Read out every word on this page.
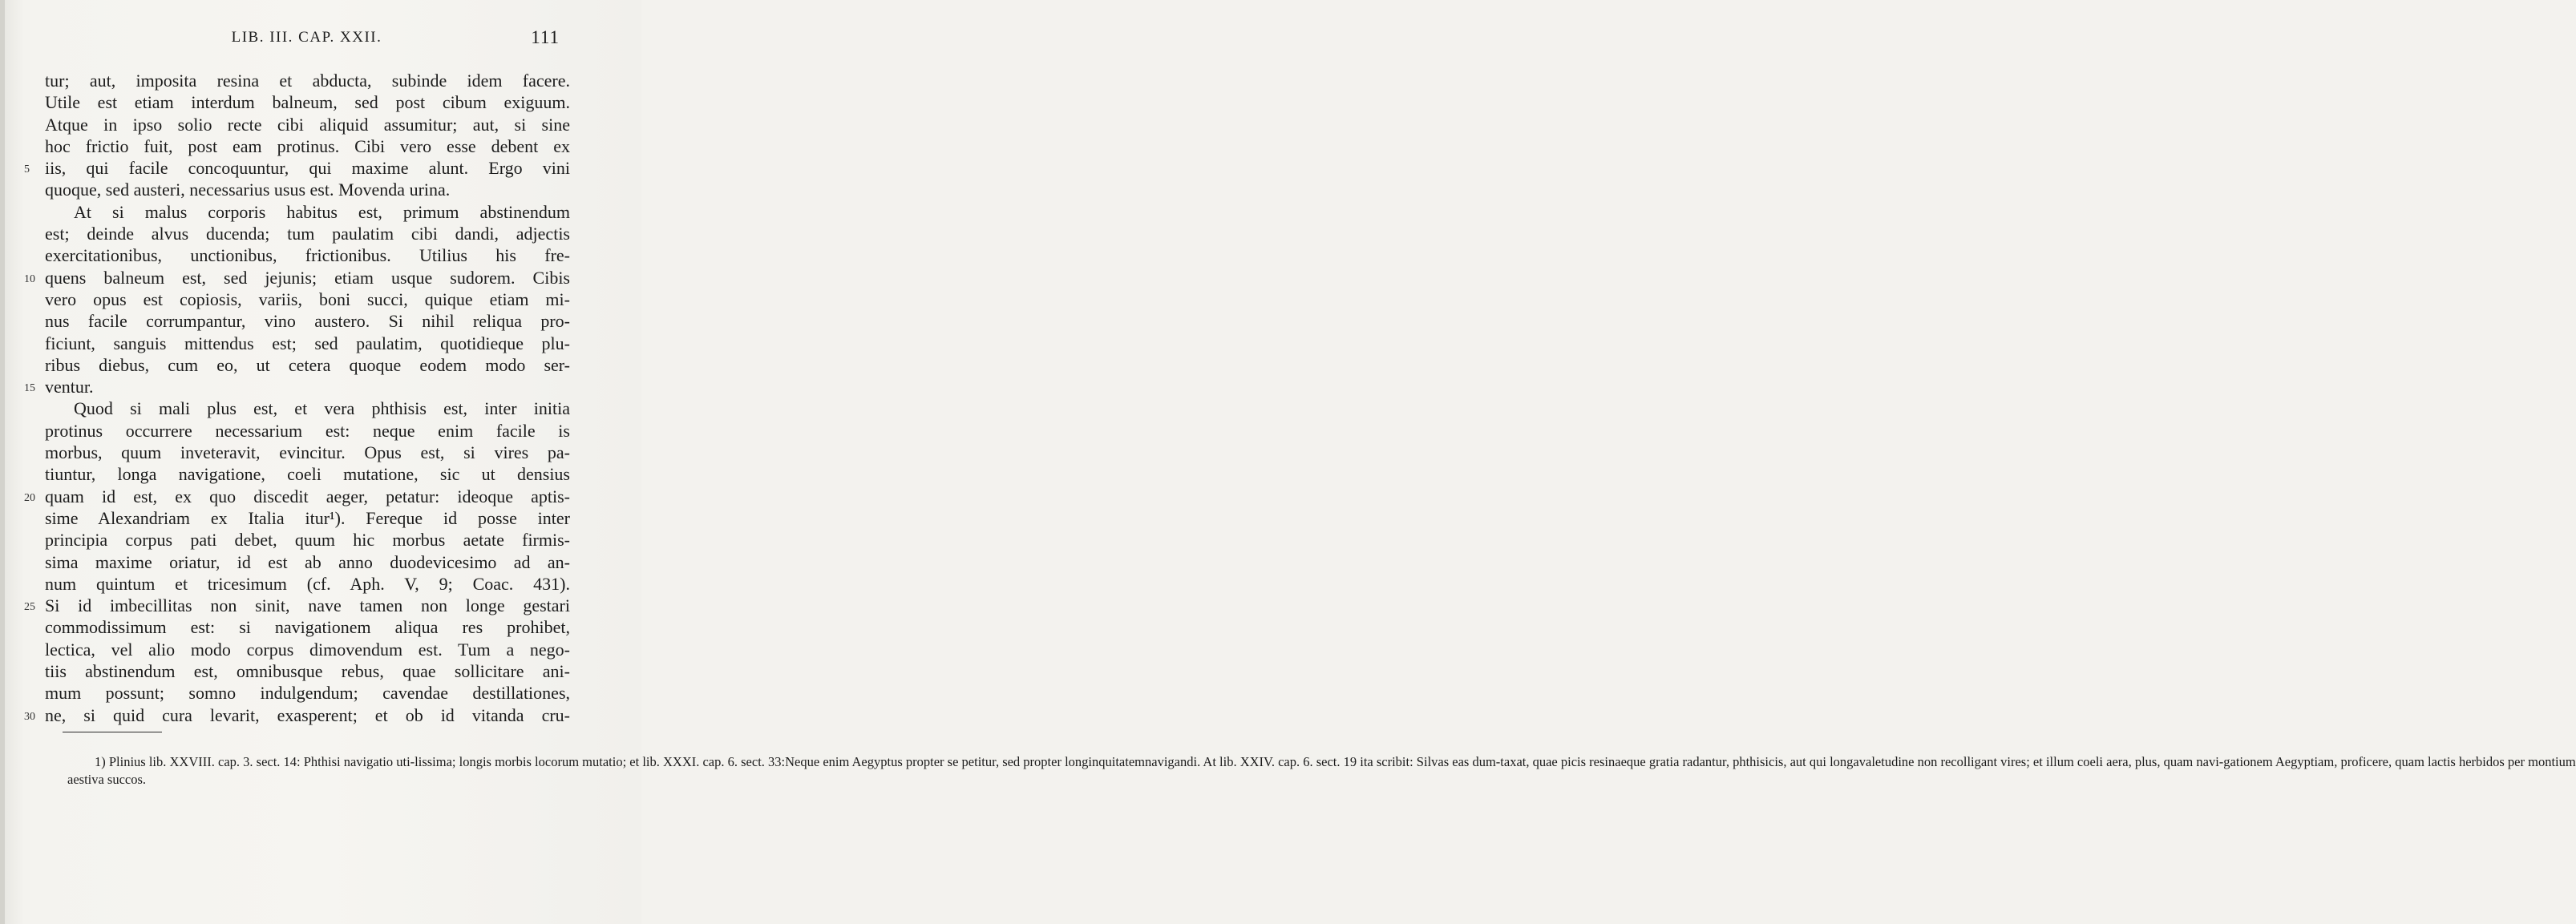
LIB. III. CAP. XXII.	111
tur; aut, imposita resina et abducta, subinde idem facere.
Utile est etiam interdum balneum, sed post cibum exiguum.
Atque in ipso solio recte cibi aliquid assumitur; aut, si sine
hoc frictio fuit, post eam protinus. Cibi vero esse debent ex
5 iis, qui facile concoquuntur, qui maxime alunt. Ergo vini
quoque, sed austeri, necessarius usus est. Movenda urina.
At si malus corporis habitus est, primum abstinendum
est; deinde alvus ducenda; tum paulatim cibi dandi, adjectis
exercitationibus, unctionibus, frictionibus. Utilius his fre-
10 quens balneum est, sed jejunis; etiam usque sudorem. Cibis
vero opus est copiosis, variis, boni succi, quique etiam mi-
nus facile corrumpantur, vino austero. Si nihil reliqua pro-
ficiunt, sanguis mittendus est; sed paulatim, quotidieque plu-
ribus diebus, cum eo, ut cetera quoque eodem modo ser-
15 ventur.
Quod si mali plus est, et vera phthisis est, inter initia
protinus occurrere necessarium est: neque enim facile is
morbus, quum inveteravit, evincitur. Opus est, si vires pa-
tiuntur, longa navigatione, coeli mutatione, sic ut densius
20 quam id est, ex quo discedit aeger, petatur: ideoque aptis-
sime Alexandriam ex Italia itur¹). Fereque id posse inter
principia corpus pati debet, quum hic morbus aetate firmis-
sima maxime oriatur, id est ab anno duodevicesimo ad an-
num quintum et tricesimum (cf. Aph. V, 9; Coac. 431).
25 Si id imbecillitas non sinit, nave tamen non longe gestari
commodissimum est: si navigationem aliqua res prohibet,
lectica, vel alio modo corpus dimovendum est. Tum a nego-
tiis abstinendum est, omnibusque rebus, quae sollicitare ani-
mum possunt; somno indulgendum; cavendae destillationes,
30 ne, si quid cura levarit, exasperent; et ob id vitanda cru-
1) Plinius lib. XXVIII. cap. 3. sect. 14: Phthisi navigatio uti-lissima; longis morbis locorum mutatio; et lib. XXXI. cap. 6. sect. 33:Neque enim Aegyptus propter se petitur, sed propter longinquitatemnavigandi. At lib. XXIV. cap. 6. sect. 19 ita scribit: Silvas eas dum-taxat, quae picis resinaeque gratia radantur, phthisicis, aut qui longavaletudine non recolligant vires; et illum coeli aera, plus, quam navi-gationem Aegyptiam, proficere, quam lactis herbidos per montium
aestiva succos.
